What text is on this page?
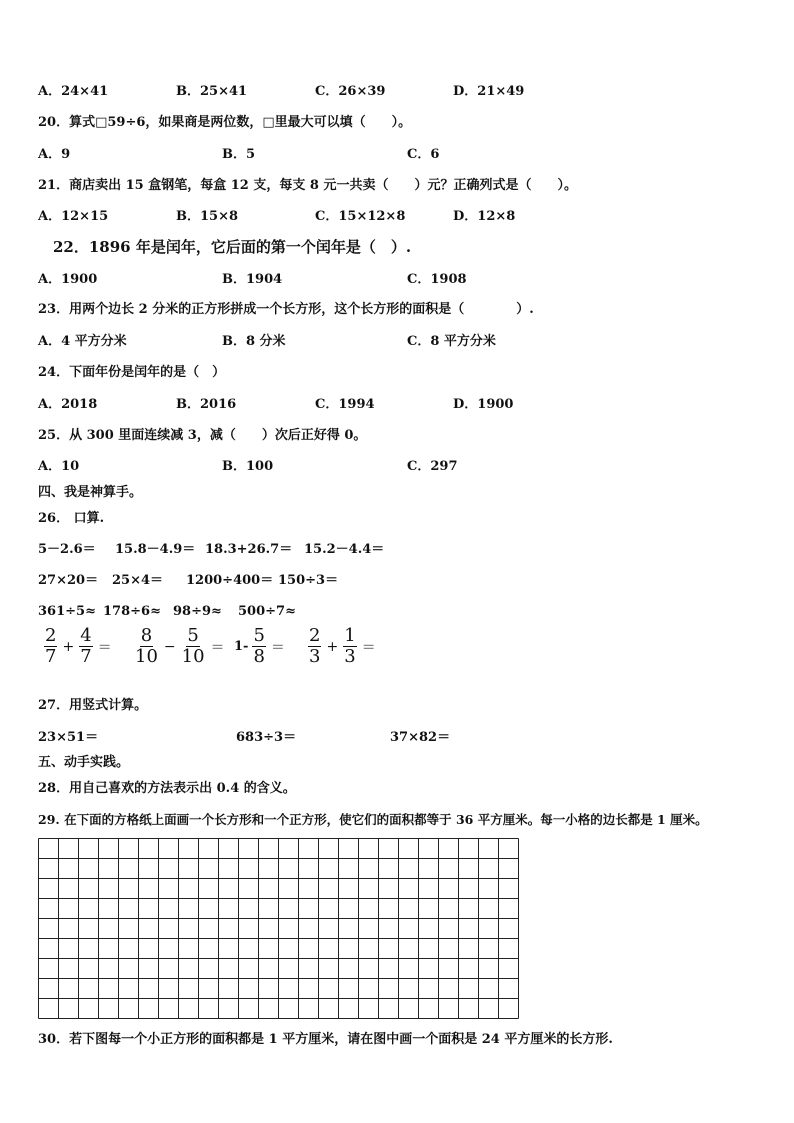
A．24×41	B．25×41	C．26×39	D．21×49
20．算式□59÷6，如果商是两位数，□里最大可以填（　　）。
A．9	B．5	C．6
21．商店卖出 15 盒钢笔，每盒 12 支，每支 8 元一共卖（　　）元？正确列式是（　　）。
A．12×15	B．15×8	C．15×12×8	D．12×8
22．1896 年是闰年，它后面的第一个闰年是（　）.
A．1900	B．1904	C．1908
23．用两个边长 2 分米的正方形拼成一个长方形，这个长方形的面积是（　　　　）.
A．4 平方分米	B．8 分米	C．8 平方分米
24．下面年份是闰年的是（　）
A．2018	B．2016	C．1994	D．1900
25．从 300 里面连续减 3，减（　　）次后正好得 0。
A．10	B．100	C．297
四、我是神算手。
26． 口算.
5－2.6＝ 15.8－4.9＝ 18.3+26.7＝ 15.2－4.4＝
27×20＝ 25×4＝ 1200÷400＝ 150÷3＝
361÷5≈ 178÷6≈ 98÷9≈ 500÷7≈
$\frac{2}{7} + \frac{4}{7} = \frac{8}{10} - \frac{5}{10} = 1- \frac{5}{8} = \frac{2}{3} + \frac{1}{3}$ ＝
27．用竖式计算。
23×51＝	683÷3＝	37×82＝
五、动手实践。
28．用自己喜欢的方法表示出 0.4 的含义。
29. 在下面的方格纸上面画一个长方形和一个正方形，使它们的面积都等于 36 平方厘米。每一小格的边长都是 1 厘米。
30．若下图每一个小正方形的面积都是 1 平方厘米，请在图中画一个面积是 24 平方厘米的长方形.
